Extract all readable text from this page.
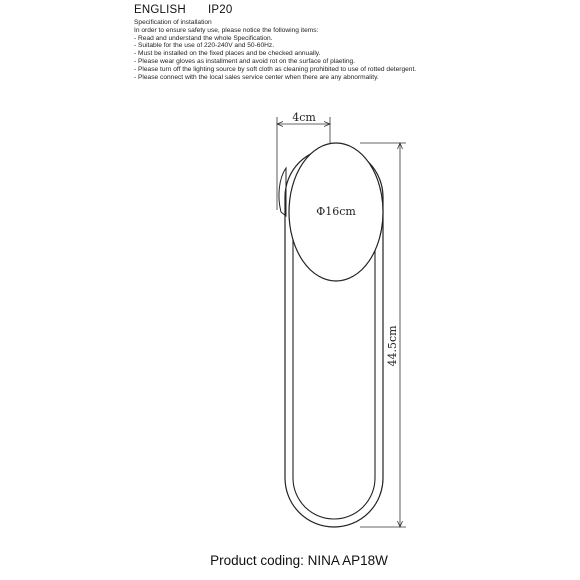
ENGLISH IP20
Specification of installation
In order to ensure safety use, please notice the following items:
- Read and understand the whole Specification.
- Suitable for the use of 220-240V and 50-60Hz.
- Must be installed on the fixed places and be checked annually.
- Please wear gloves as installment and avoid rot on the surface of plaeting.
- Please turn off the lighting source by soft cloth as cleaning prohibited to use of rotted detergent.
- Please connect with the local sales service center when there are any abnormality.
4cm
44.5cm
Φ16cm
Product coding: NINA AP18W
